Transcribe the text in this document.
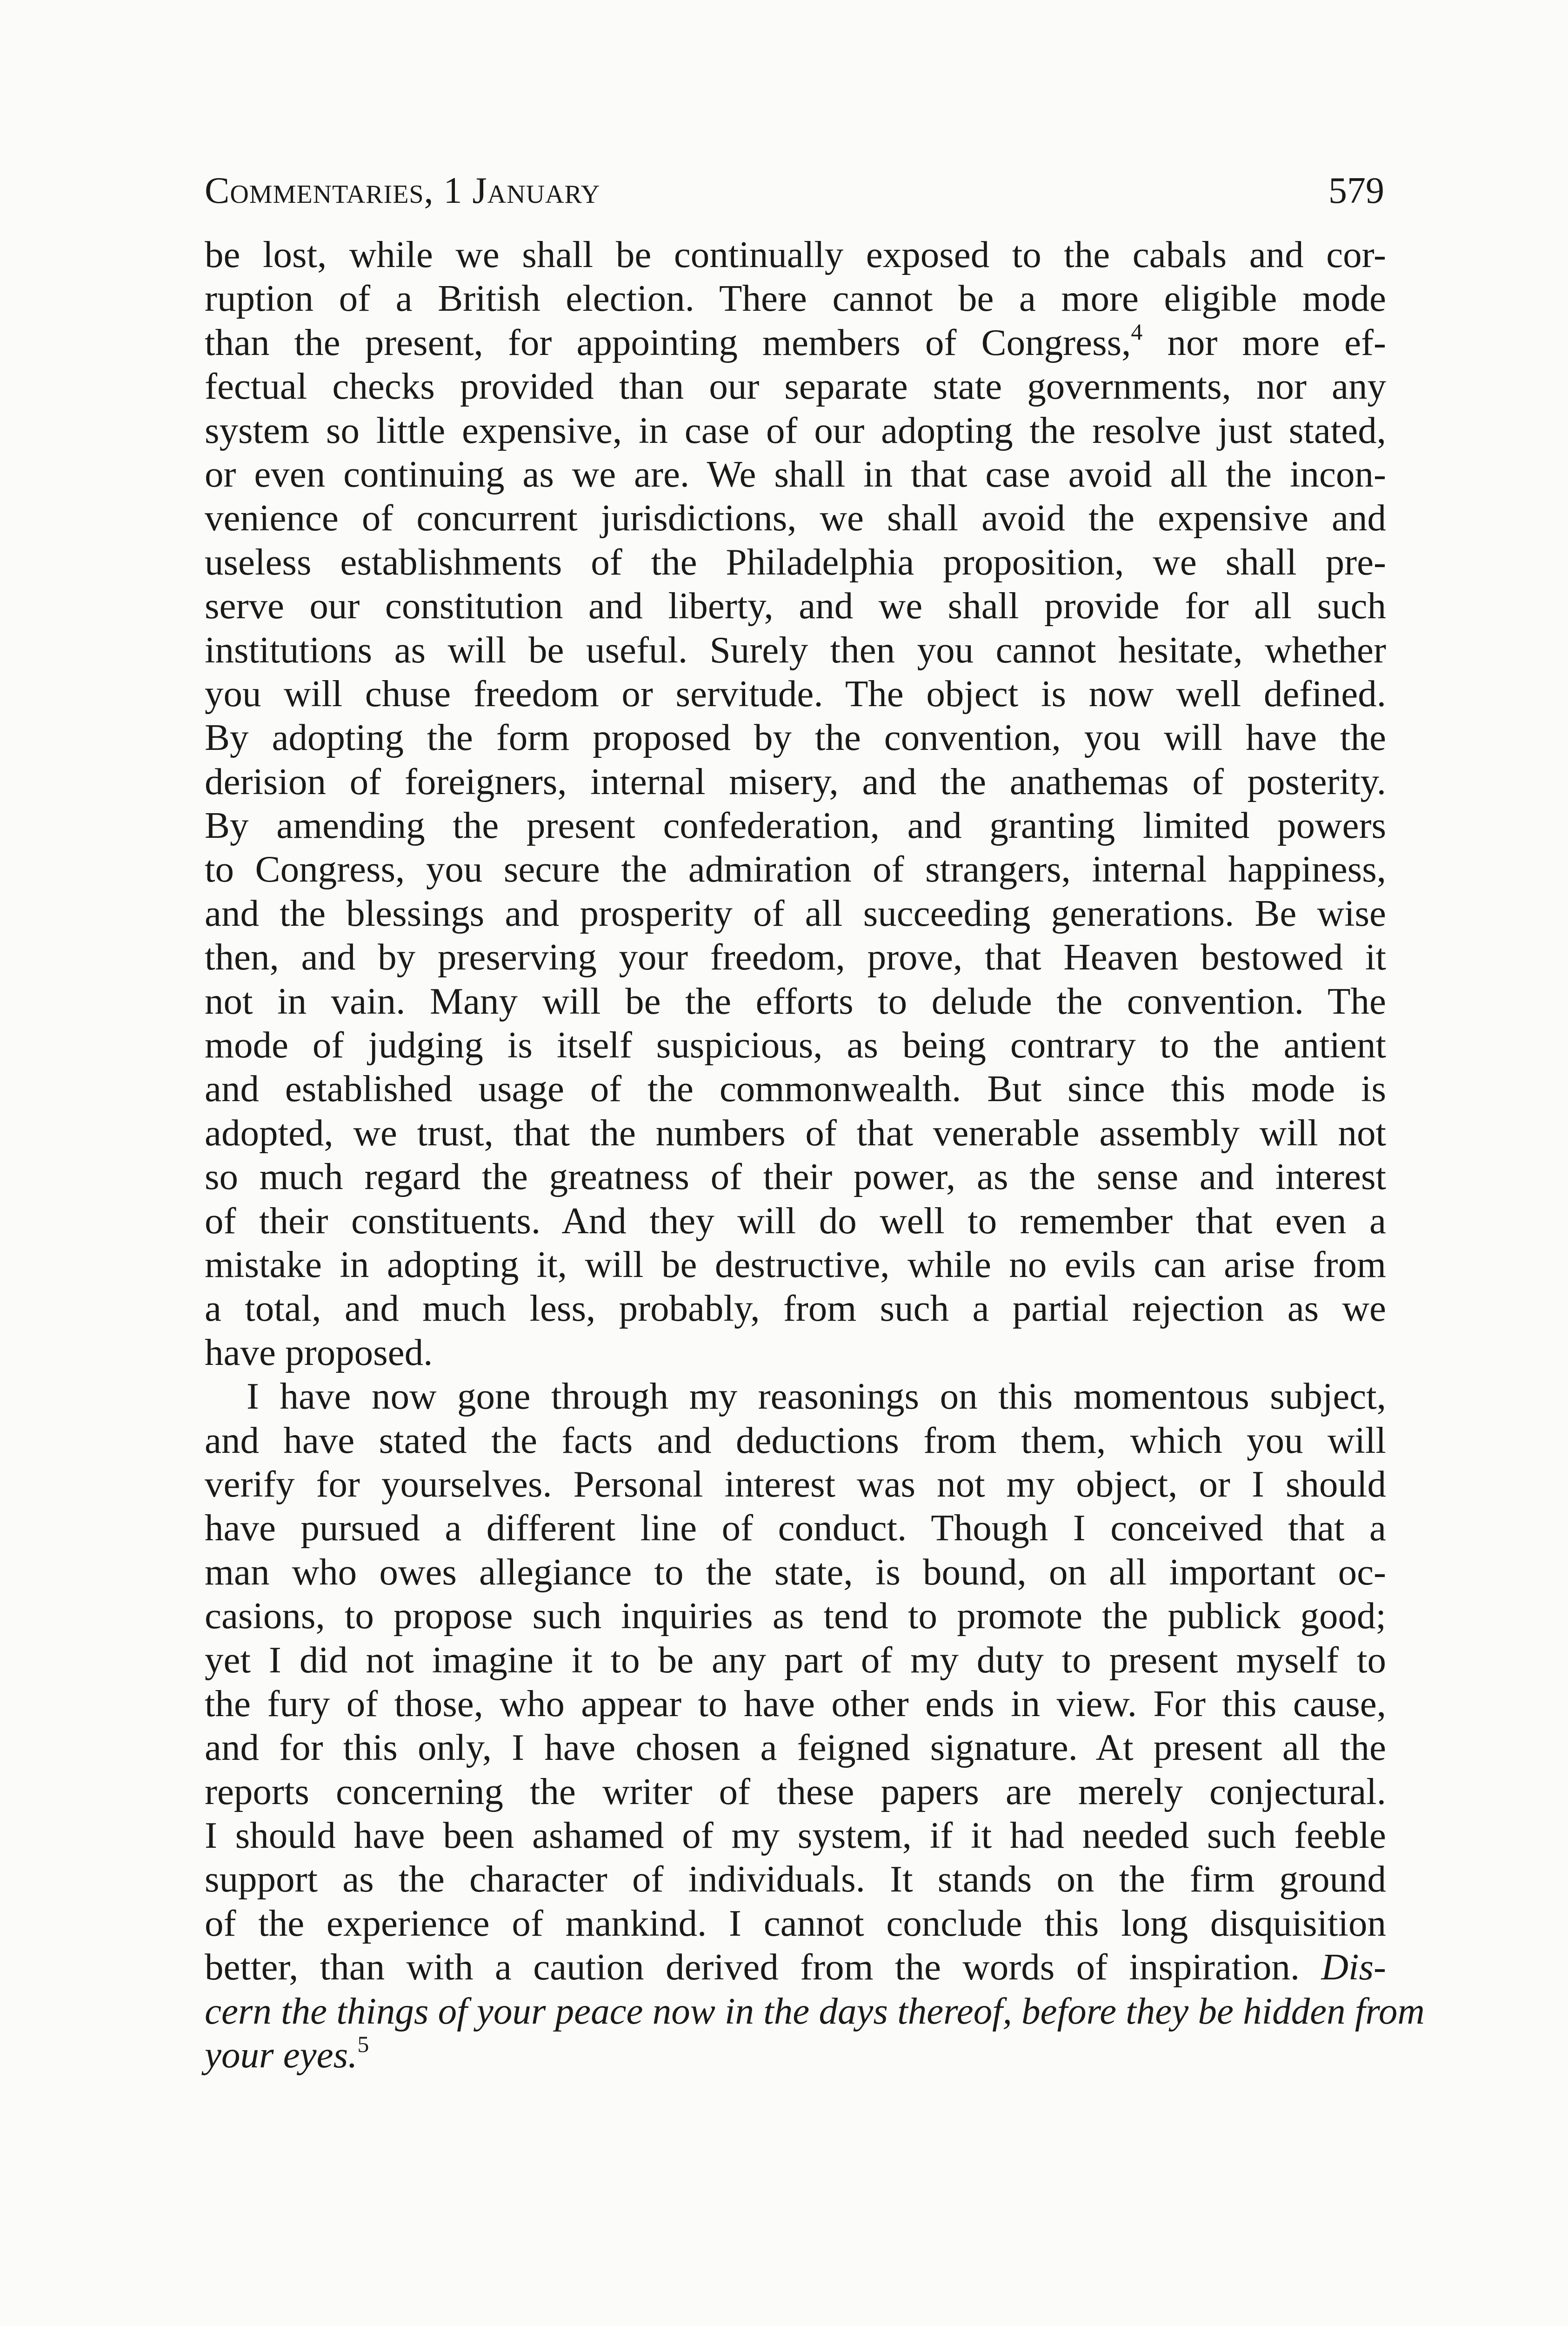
Commentaries, 1 January	579
be lost, while we shall be continually exposed to the cabals and cor-
ruption of a British election. There cannot be a more eligible mode
than the present, for appointing members of Congress,$^4$ nor more ef-
fectual checks provided than our separate state governments, nor any
system so little expensive, in case of our adopting the resolve just stated,
or even continuing as we are. We shall in that case avoid all the incon-
venience of concurrent jurisdictions, we shall avoid the expensive and
useless establishments of the Philadelphia proposition, we shall pre-
serve our constitution and liberty, and we shall provide for all such
institutions as will be useful. Surely then you cannot hesitate, whether
you will chuse freedom or servitude. The object is now well defined.
By adopting the form proposed by the convention, you will have the
derision of foreigners, internal misery, and the anathemas of posterity.
By amending the present confederation, and granting limited powers
to Congress, you secure the admiration of strangers, internal happiness,
and the blessings and prosperity of all succeeding generations. Be wise
then, and by preserving your freedom, prove, that Heaven bestowed it
not in vain. Many will be the efforts to delude the convention. The
mode of judging is itself suspicious, as being contrary to the antient
and established usage of the commonwealth. But since this mode is
adopted, we trust, that the numbers of that venerable assembly will not
so much regard the greatness of their power, as the sense and interest
of their constituents. And they will do well to remember that even a
mistake in adopting it, will be destructive, while no evils can arise from
a total, and much less, probably, from such a partial rejection as we
have proposed.
I have now gone through my reasonings on this momentous subject,
and have stated the facts and deductions from them, which you will
verify for yourselves. Personal interest was not my object, or I should
have pursued a different line of conduct. Though I conceived that a
man who owes allegiance to the state, is bound, on all important oc-
casions, to propose such inquiries as tend to promote the publick good;
yet I did not imagine it to be any part of my duty to present myself to
the fury of those, who appear to have other ends in view. For this cause,
and for this only, I have chosen a feigned signature. At present all the
reports concerning the writer of these papers are merely conjectural.
I should have been ashamed of my system, if it had needed such feeble
support as the character of individuals. It stands on the firm ground
of the experience of mankind. I cannot conclude this long disquisition
better, than with a caution derived from the words of inspiration. Dis-
cern the things of your peace now in the days thereof, before they be hidden from
your eyes.$^5$
